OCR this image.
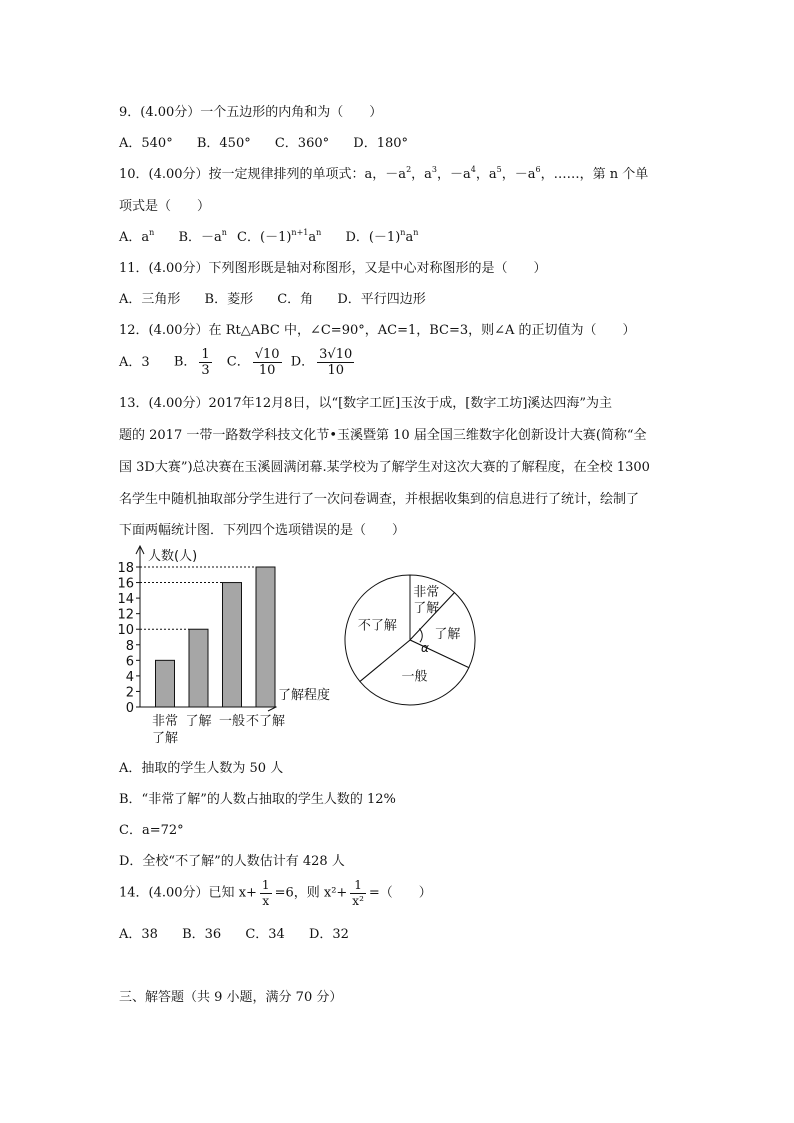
9．(4.00分）一个五边形的内角和为（　　）
A．540° B．450° C．360° D．180°
10．(4.00分）按一定规律排列的单项式：a，$-a^2$，$a^3$，$-a^4$，$a^5$，$-a^6$，……，第 n 个单
项式是（　　）
A．$a^n$ B．$-a^n$ C．$(-1)^{n+1}a^n$ D．$(-1)^na^n$
11．(4.00分）下列图形既是轴对称图形，又是中心对称图形的是（　　）
A．三角形 B．菱形 C．角 D．平行四边形
12．(4.00分）在 Rt△ABC 中，∠C=90°，AC=1，BC=3，则∠A 的正切值为（　　）
A．3 B． $\frac{1}{3}$ C． $\frac{√10}{10}$ D． $\frac{3√10}{10}$
13．(4.00分）2017年12月8日，以“[数字工匠]玉汝于成，[数字工坊]溪达四海”为主
题的 2017 一带一路数学科技文化节•玉溪暨第 10 届全国三维数字化创新设计大赛(简称“全
国 3D大赛”)总决赛在玉溪圆满闭幕.某学校为了解学生对这次大赛的了解程度，在全校 1300
名学生中随机抽取部分学生进行了一次问卷调查，并根据收集到的信息进行了统计，绘制了
下面两幅统计图．下列四个选项错误的是（　　）
人数(人)
了解程度
0
2
4
6
8
10
12
14
16
18
非常
了解
了解 一般 不了解
α
非常
了解
了解
一般
不了解
A．抽取的学生人数为 50 人
B．“非常了解”的人数占抽取的学生人数的 12%
C．a=72°
D．全校“不了解”的人数估计有 428 人
14．(4.00分）已知 $x+ \frac{1}{x} =6$，则 $x^2+ \frac{1}{\text{x²}}$ =（　　）
A．38 B．36 C．34 D．32
三、解答题（共 9 小题，满分 70 分）
